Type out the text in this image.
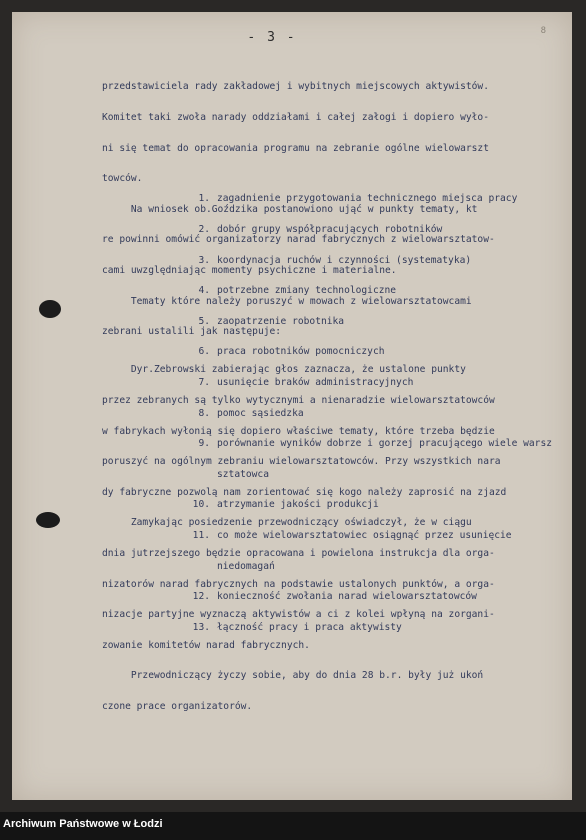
- 3 -	8

przedstawiciela rady zakładowej i wybitnych miejscowych aktywistów.

Komitet taki zwoła narady oddziałami i całej załogi i dopiero wyło-

ni się temat do opracowania programu na zebranie ogólne wielowarszt

towców.

Na wniosek ob.Goździka postanowiono ująć w punkty tematy, kt

re powinni omówić organizatorzy narad fabrycznych z wielowarsztatow-

cami uwzględniając momenty psychiczne i materialne.

Tematy które należy poruszyć w mowach z wielowarsztatowcami

zebrani ustalili jak następuje:

1. zagadnienie przygotowania technicznego miejsca pracy

2. dobór grupy współpracujących robotników

3. koordynacja ruchów i czynności (systematyka)

4. potrzebne zmiany technologiczne

5. zaopatrzenie robotnika

6. praca robotników pomocniczych

7. usunięcie braków administracyjnych

8. pomoc sąsiedzka

9. porównanie wyników dobrze i gorzej pracującego wiele warsz

sztatowca

10. atrzymanie jakości produkcji

11. co może wielowarsztatowiec osiągnąć przez usunięcie

niedomagań

12. konieczność zwołania narad wielowarsztatowców

13. łączność pracy i praca aktywisty

Dyr.Zebrowski zabierając głos zaznacza, że ustalone punkty

przez zebranych są tylko wytycznymi a nienaradzie wielowarsztatowców

w fabrykach wyłonią się dopiero właściwe tematy, które trzeba będzie

poruszyć na ogólnym zebraniu wielowarsztatowców. Przy wszystkich nara

dy fabryczne pozwolą nam zorientować się kogo należy zaprosić na zjazd

Zamykając posiedzenie przewodniczący oświadczył, że w ciągu

dnia jutrzejszego będzie opracowana i powielona instrukcja dla orga-

nizatorów narad fabrycznych na podstawie ustalonych punktów, a orga-

nizacje partyjne wyznaczą aktywistów a ci z kolei wpłyną na zorgani-

zowanie komitetów narad fabrycznych.

Przewodniczący życzy sobie, aby do dnia 28 b.r. były już ukoń

czone prace organizatorów.

Archiwum Państwowe w Łodzi
